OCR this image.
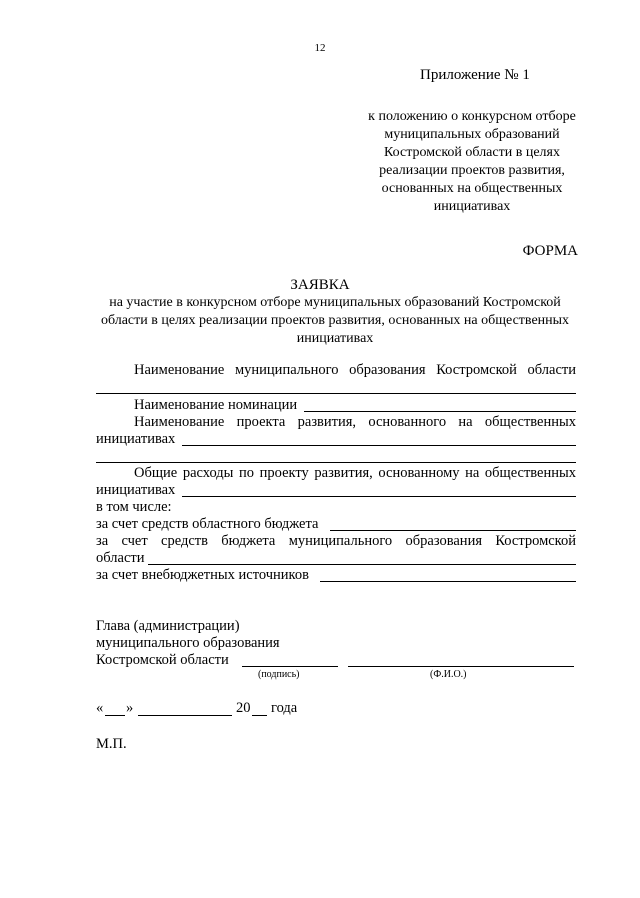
12
Приложение № 1
к положению о конкурсном отборе муниципальных образований Костромской области в целях реализации проектов развития, основанных на общественных инициативах
ФОРМА
ЗАЯВКА
на участие в конкурсном отборе муниципальных образований Костромской области в целях реализации проектов развития, основанных на общественных инициативах
Наименование муниципального образования Костромской области
Наименование номинации
Наименование проекта развития, основанного на общественных
инициативах
Общие расходы по проекту развития, основанному на общественных
инициативах
в том числе:
за счет средств областного бюджета
за счет средств бюджета муниципального образования Костромской
области
за счет внебюджетных источников
Глава (администрации)
муниципального образования
Костромской области
(подпись)	(Ф.И.О.)
« »	20 года
М.П.
